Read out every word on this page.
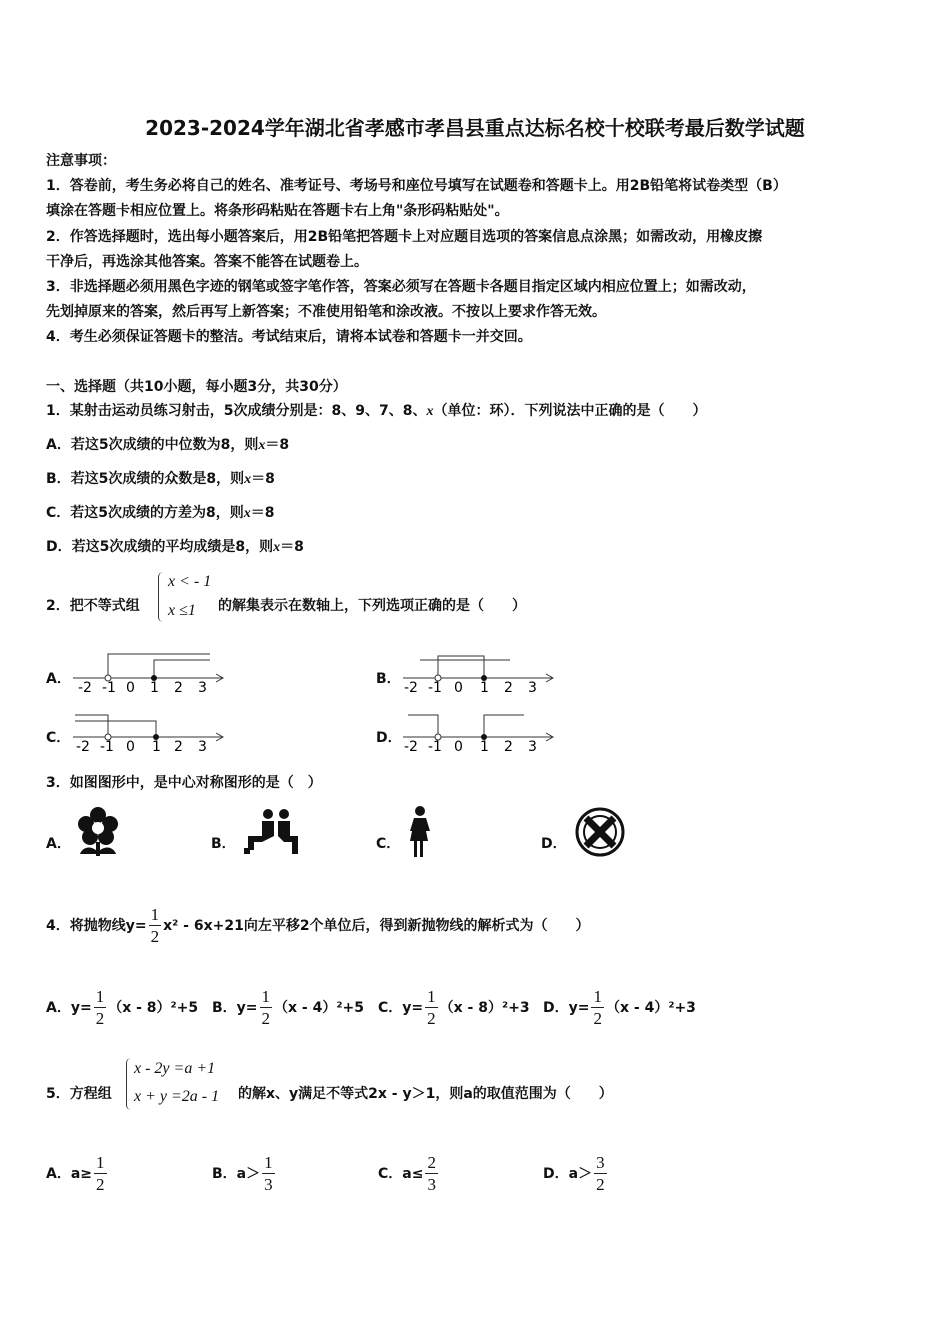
2023-2024学年湖北省孝感市孝昌县重点达标名校十校联考最后数学试题
注意事项：
1．答卷前，考生务必将自己的姓名、准考证号、考场号和座位号填写在试题卷和答题卡上。用2B铅笔将试卷类型（B）
填涂在答题卡相应位置上。将条形码粘贴在答题卡右上角"条形码粘贴处"。
2．作答选择题时，选出每小题答案后，用2B铅笔把答题卡上对应题目选项的答案信息点涂黑；如需改动，用橡皮擦
干净后，再选涂其他答案。答案不能答在试题卷上。
3．非选择题必须用黑色字迹的钢笔或签字笔作答，答案必须写在答题卡各题目指定区域内相应位置上；如需改动，
先划掉原来的答案，然后再写上新答案；不准使用铅笔和涂改液。不按以上要求作答无效。
4．考生必须保证答题卡的整洁。考试结束后，请将本试卷和答题卡一并交回。
一、选择题（共10小题，每小题3分，共30分）
1．某射击运动员练习射击，5次成绩分别是：8、9、7、8、x（单位：环）．下列说法中正确的是（　　）
A．若这5次成绩的中位数为8，则x＝8
B．若这5次成绩的众数是8，则x＝8
C．若这5次成绩的方差为8，则x＝8
D．若这5次成绩的平均成绩是8，则x＝8
2．把不等式组
x < - 1
x ≤1 的解集表示在数轴上，下列选项正确的是（　　）
A．
-2 -1 0 1 2 3
B．
-2 -1 0 1 2 3
C．
-2 -1 0 1 2 3
D．
-2 -1 0 1 2 3
3．如图图形中，是中心对称图形的是（　）
A．	B．	C．	D．
4．将抛物线$y= \frac{1}{2} x^2 - 6x+21$向左平移2个单位后，得到新抛物线的解析式为（　　）
A．$y= \frac{1}{2} (x - 8)^2+5$ B．$y= \frac{1}{2} (x - 4)^2+5$ C．$y= \frac{1}{2} (x - 8)^2+3$ D．$y= \frac{1}{2} (x - 4)^2+3$
5．方程组
x - 2y =a +1
x + y =2a - 1 的解x、y满足不等式2x - y＞1，则a的取值范围为（　　）
A．$a\ge \frac{1}{2}$	B．$a> \frac{1}{3}$	C．$a\le \frac{2}{3}$	D．$a> \frac{3}{2}$
